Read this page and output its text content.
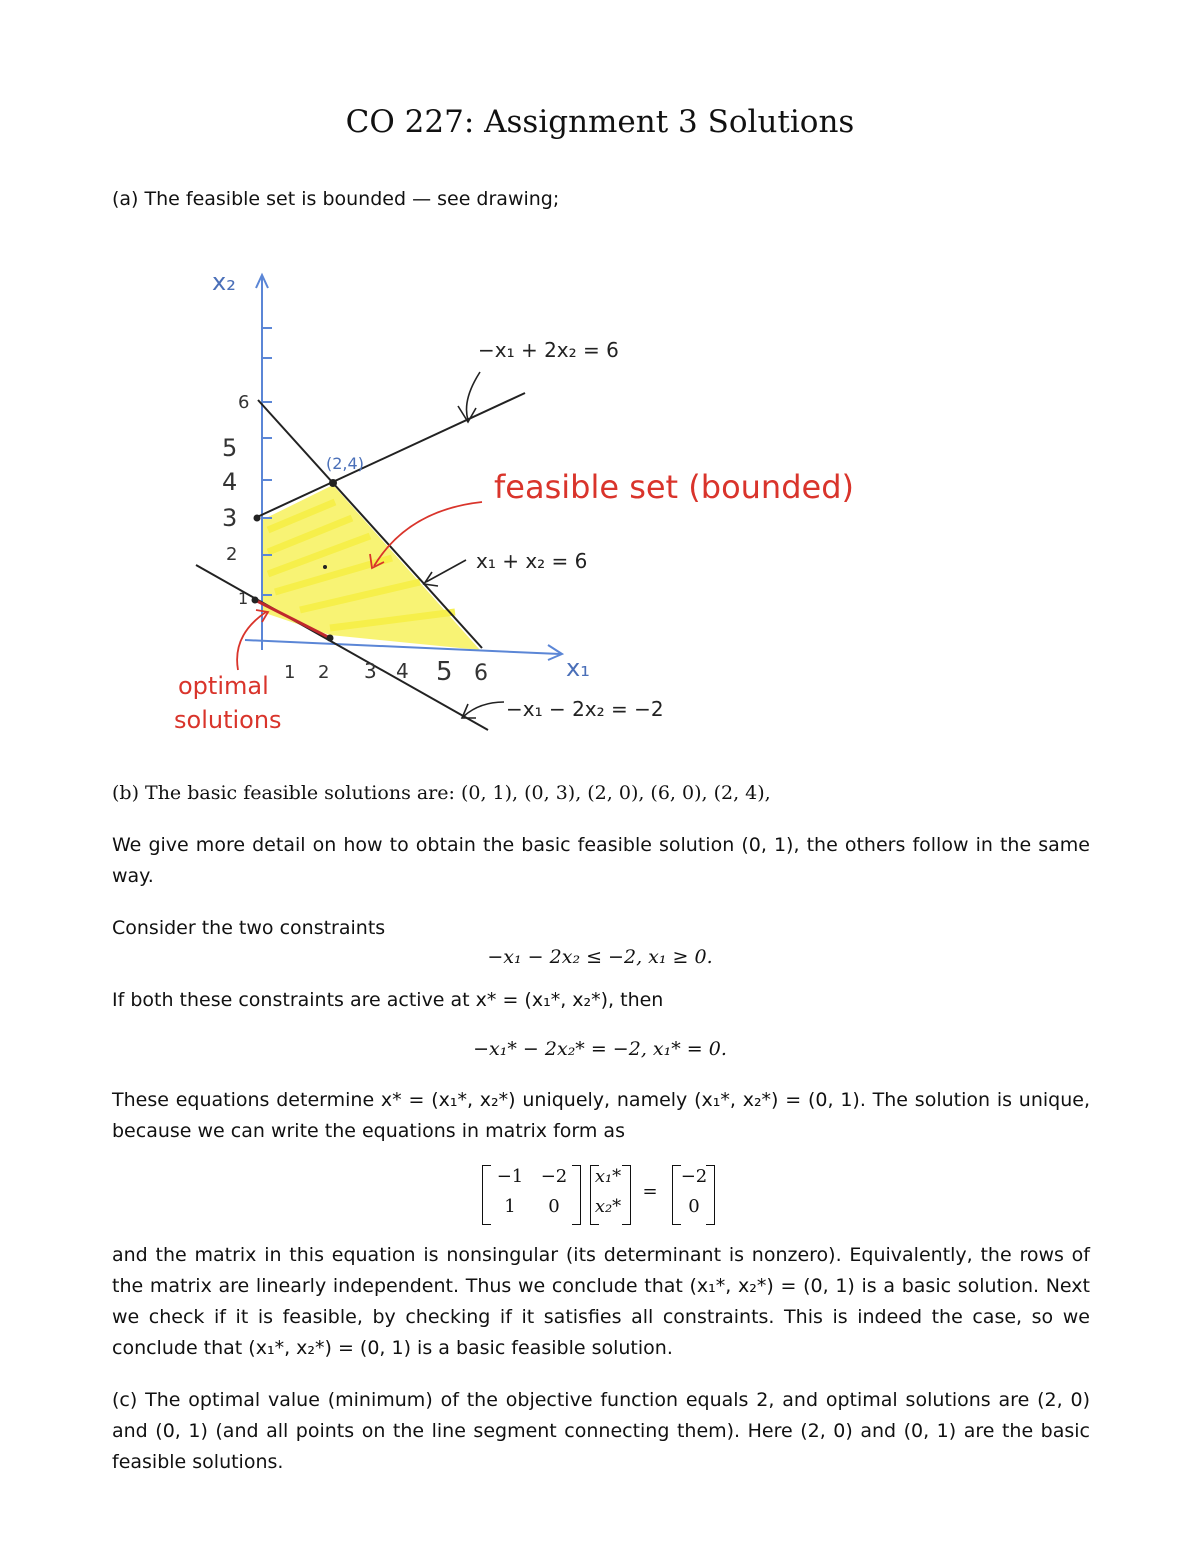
CO 227: Assignment 3 Solutions
(a) The feasible set is bounded — see drawing;
x₂
x₁
6
5
4
3
2
1
1 2 3 4 5 6
−x₁ + 2x₂ = 6
x₁ + x₂ = 6
−x₁ − 2x₂ = −2
(2,4)
feasible set (bounded)
optimal
solutions
(b) The basic feasible solutions are: (0, 1), (0, 3), (2, 0), (6, 0), (2, 4),
We give more detail on how to obtain the basic feasible solution (0, 1), the others follow in the same way.
Consider the two constraints
−x₁ − 2x₂ ≤ −2, x₁ ≥ 0.
If both these constraints are active at x* = (x₁*, x₂*), then
−x₁* − 2x₂* = −2, x₁* = 0.
These equations determine x* = (x₁*, x₂*) uniquely, namely (x₁*, x₂*) = (0, 1). The solution is unique, because we can write the equations in matrix form as
−1 −2
1	0
x₁*
x₂*
=
−2
0
and the matrix in this equation is nonsingular (its determinant is nonzero). Equivalently, the rows of the matrix are linearly independent. Thus we conclude that (x₁*, x₂*) = (0, 1) is a basic solution. Next we check if it is feasible, by checking if it satisfies all constraints. This is indeed the case, so we conclude that (x₁*, x₂*) = (0, 1) is a basic feasible solution.
(c) The optimal value (minimum) of the objective function equals 2, and optimal solutions are (2, 0) and (0, 1) (and all points on the line segment connecting them). Here (2, 0) and (0, 1) are the basic feasible solutions.
